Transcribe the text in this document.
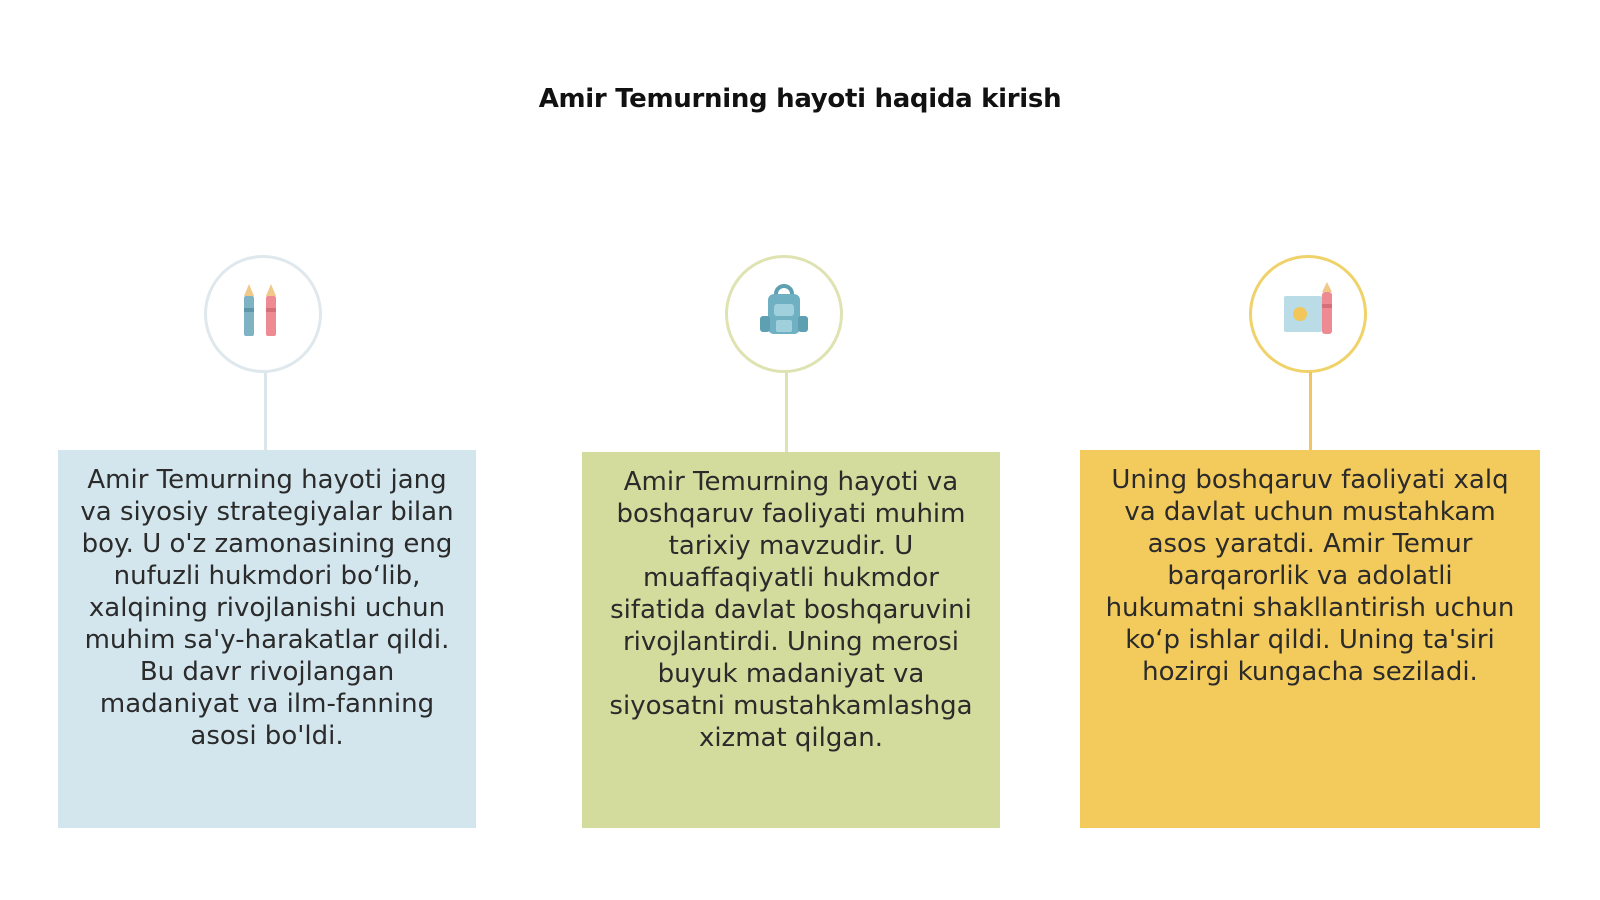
Amir Temurning hayoti haqida kirish
Amir Temurning hayoti jang va siyosiy strategiyalar bilan boy. U o'z zamonasining eng nufuzli hukmdori bo‘lib, xalqining rivojlanishi uchun muhim sa'y-harakatlar qildi. Bu davr rivojlangan madaniyat va ilm-fanning asosi bo'ldi.
Amir Temurning hayoti va boshqaruv faoliyati muhim tarixiy mavzudir. U muaffaqiyatli hukmdor sifatida davlat boshqaruvini rivojlantirdi. Uning merosi buyuk madaniyat va siyosatni mustahkamlashga xizmat qilgan.
Uning boshqaruv faoliyati xalq va davlat uchun mustahkam asos yaratdi. Amir Temur barqarorlik va adolatli hukumatni shakllantirish uchun ko‘p ishlar qildi. Uning ta'siri hozirgi kungacha seziladi.
